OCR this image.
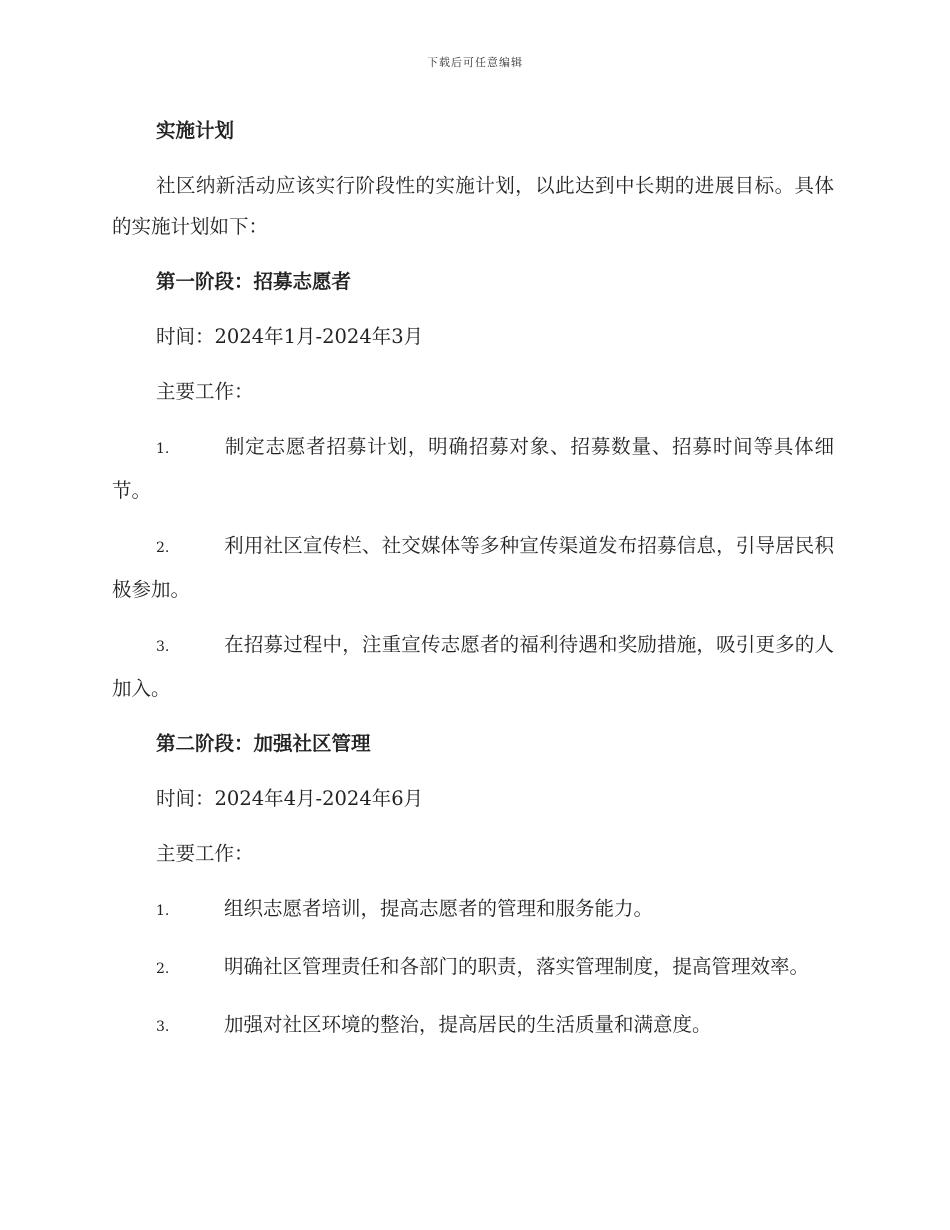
下载后可任意编辑
实施计划

社区纳新活动应该实行阶段性的实施计划，以此达到中长期的进展目标。具体的实施计划如下：

第一阶段：招募志愿者

时间：2024年1月-2024年3月

主要工作：

1.	制定志愿者招募计划，明确招募对象、招募数量、招募时间等具体细节。

2.	利用社区宣传栏、社交媒体等多种宣传渠道发布招募信息，引导居民积极参加。

3.	在招募过程中，注重宣传志愿者的福利待遇和奖励措施，吸引更多的人加入。

第二阶段：加强社区管理

时间：2024年4月-2024年6月

主要工作：

1.	组织志愿者培训，提高志愿者的管理和服务能力。

2.	明确社区管理责任和各部门的职责，落实管理制度，提高管理效率。

3.	加强对社区环境的整治，提高居民的生活质量和满意度。
